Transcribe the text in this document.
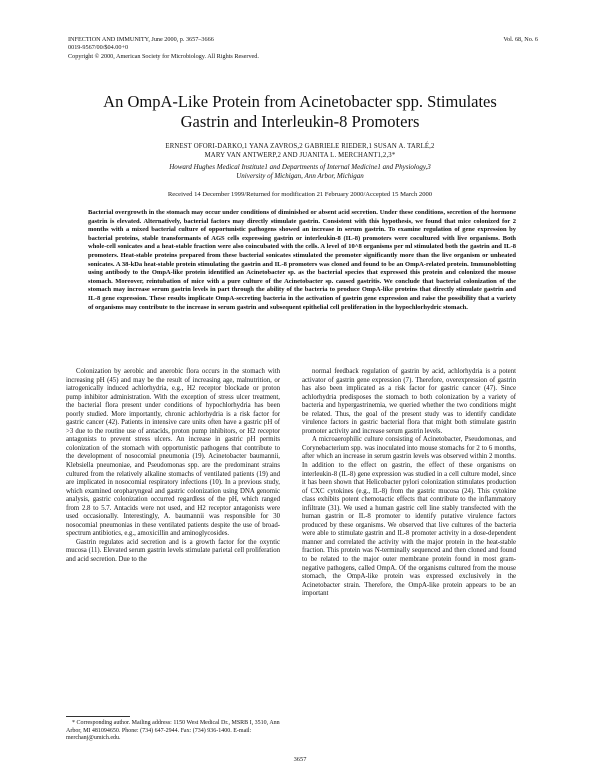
INFECTION AND IMMUNITY, June 2000, p. 3657–3666
0019-9567/00/$04.00+0
Copyright © 2000, American Society for Microbiology. All Rights Reserved.
Vol. 68, No. 6
An OmpA-Like Protein from Acinetobacter spp. Stimulates
Gastrin and Interleukin-8 Promoters
ERNEST OFORI-DARKO,1 YANA ZAVROS,2 GABRIELE RIEDER,1 SUSAN A. TARLÉ,2
MARY VAN ANTWERP,2 AND JUANITA L. MERCHANT1,2,3*
Howard Hughes Medical Institute1 and Departments of Internal Medicine1 and Physiology,3
University of Michigan, Ann Arbor, Michigan
Received 14 December 1999/Returned for modification 21 February 2000/Accepted 15 March 2000

Bacterial overgrowth in the stomach may occur under conditions of diminished or absent acid secretion. Under these conditions, secretion of the hormone gastrin is elevated. Alternatively, bacterial factors may directly stimulate gastrin. Consistent with this hypothesis, we found that mice colonized for 2 months with a mixed bacterial culture of opportunistic pathogens showed an increase in serum gastrin. To examine regulation of gene expression by bacterial proteins, stable transformants of AGS cells expressing gastrin or interleukin-8 (IL-8) promoters were cocultured with live organisms. Both whole-cell sonicates and a heat-stable fraction were also coincubated with the cells. A level of 10^8 organisms per ml stimulated both the gastrin and IL-8 promoters. Heat-stable proteins prepared from these bacterial sonicates stimulated the promoter significantly more than the live organism or unheated sonicates. A 38-kDa heat-stable protein stimulating the gastrin and IL-8 promoters was cloned and found to be an OmpA-related protein. Immunoblotting using antibody to the OmpA-like protein identified an Acinetobacter sp. as the bacterial species that expressed this protein and colonized the mouse stomach. Moreover, reintubation of mice with a pure culture of the Acinetobacter sp. caused gastritis. We conclude that bacterial colonization of the stomach may increase serum gastrin levels in part through the ability of the bacteria to produce OmpA-like proteins that directly stimulate gastrin and IL-8 gene expression. These results implicate OmpA-secreting bacteria in the activation of gastrin gene expression and raise the possibility that a variety of organisms may contribute to the increase in serum gastrin and subsequent epithelial cell proliferation in the hypochlorhydric stomach.

Colonization by aerobic and anerobic flora occurs in the stomach with increasing pH (45) and may be the result of increasing age, malnutrition, or iatrogenically induced achlorhydria, e.g., H2 receptor blockade or proton pump inhibitor administration. With the exception of stress ulcer treatment, the bacterial flora present under conditions of hypochlorhydria has been poorly studied. More importantly, chronic achlorhydria is a risk factor for gastric cancer (42). Patients in intensive care units often have a gastric pH of >3 due to the routine use of antacids, proton pump inhibitors, or H2 receptor antagonists to prevent stress ulcers. An increase in gastric pH permits colonization of the stomach with opportunistic pathogens that contribute to the development of nosocomial pneumonia (19). Acinetobacter baumannii, Klebsiella pneumoniae, and Pseudomonas spp. are the predominant strains cultured from the relatively alkaline stomachs of ventilated patients (19) and are implicated in nosocomial respiratory infections (10). In a previous study, which examined oropharyngeal and gastric colonization using DNA genomic analysis, gastric colonization occurred regardless of the pH, which ranged from 2.8 to 5.7. Antacids were not used, and H2 receptor antagonists were used occasionally. Interestingly, A. baumannii was responsible for 30 nosocomial pneumonias in these ventilated patients despite the use of broad-spectrum antibiotics, e.g., amoxicillin and aminoglycosides.

Gastrin regulates acid secretion and is a growth factor for the oxyntic mucosa (11). Elevated serum gastrin levels stimulate parietal cell proliferation and acid secretion. Due to the

normal feedback regulation of gastrin by acid, achlorhydria is a potent activator of gastrin gene expression (7). Therefore, overexpression of gastrin has also been implicated as a risk factor for gastric cancer (47). Since achlorhydria predisposes the stomach to both colonization by a variety of bacteria and hypergastrinemia, we queried whether the two conditions might be related. Thus, the goal of the present study was to identify candidate virulence factors in gastric bacterial flora that might both stimulate gastrin promoter activity and increase serum gastrin levels.

A microaerophilic culture consisting of Acinetobacter, Pseudomonas, and Corynebacterium spp. was inoculated into mouse stomachs for 2 to 6 months, after which an increase in serum gastrin levels was observed within 2 months. In addition to the effect on gastrin, the effect of these organisms on interleukin-8 (IL-8) gene expression was studied in a cell culture model, since it has been shown that Helicobacter pylori colonization stimulates production of CXC cytokines (e.g., IL-8) from the gastric mucosa (24). This cytokine class exhibits potent chemotactic effects that contribute to the inflammatory infiltrate (31). We used a human gastric cell line stably transfected with the human gastrin or IL-8 promoter to identify putative virulence factors produced by these organisms. We observed that live cultures of the bacteria were able to stimulate gastrin and IL-8 promoter activity in a dose-dependent manner and correlated the activity with the major protein in the heat-stable fraction. This protein was N-terminally sequenced and then cloned and found to be related to the major outer membrane protein found in most gram-negative pathogens, called OmpA. Of the organisms cultured from the mouse stomach, the OmpA-like protein was expressed exclusively in the Acinetobacter strain. Therefore, the OmpA-like protein appears to be an important

* Corresponding author. Mailing address: 1150 West Medical Dr., MSRB I, 3510, Ann Arbor, MI 481094650. Phone: (734) 647-2944. Fax: (734) 936-1400. E-mail: merchanj@umich.edu.

3657
